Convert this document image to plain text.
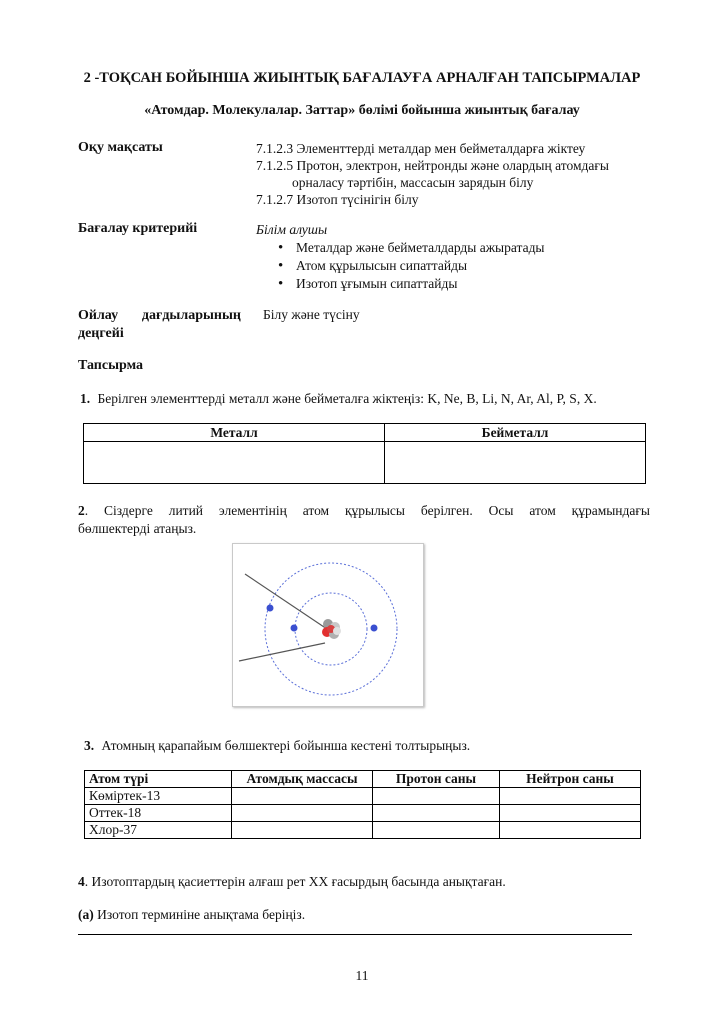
2 -ТОҚСАН БОЙЫНША ЖИЫНТЫҚ БАҒАЛАУҒА АРНАЛҒАН ТАПСЫРМАЛАР
«Атомдар. Молекулалар. Заттар» бөлімі бойынша жиынтық бағалау
Оқу мақсаты	7.1.2.3 Элементтерді металдар мен бейметалдарға жіктеу
7.1.2.5 Протон, электрон, нейтронды және олардың атомдағы
орналасу тәртібін, массасын зарядын білу
7.1.2.7 Изотоп түсінігін білу
Бағалау критерийі	Білім алушы
• Металдар және бейметалдарды ажыратады
• Атом құрылысын сипаттайды
• Изотоп ұғымын сипаттайды
Ойлау дағдыларының
деңгейі
Білу және түсіну
Тапсырма
1. Берілген элементтерді металл және бейметалға жіктеңіз: K, Ne, B, Li, N, Ar, Al, P, S, X.
Металл	Бейметалл

2. Сіздерге литий элементінің атом құрылысы берілген. Осы атом құрамындағы
бөлшектерді атаңыз.
3. Атомның қарапайым бөлшектері бойынша кестені толтырыңыз.
Атом түрі	Атомдық массасы	Протон саны	Нейтрон саны
Көміртек-13			
Оттек-18			
Хлор-37			
4. Изотоптардың қасиеттерін алғаш рет XX ғасырдың басында анықтаған.
(a) Изотоп терминіне анықтама беріңіз.
11
